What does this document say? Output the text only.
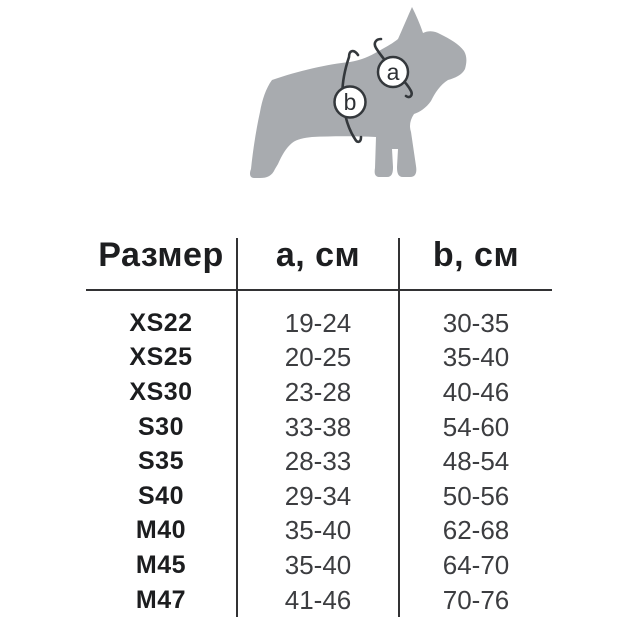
b
a
Размер
XS22
XS25
XS30
S30
S35
S40
M40
M45
M47
a, см
19-24
20-25
23-28
33-38
28-33
29-34
35-40
35-40
41-46
b, см
30-35
35-40
40-46
54-60
48-54
50-56
62-68
64-70
70-76
